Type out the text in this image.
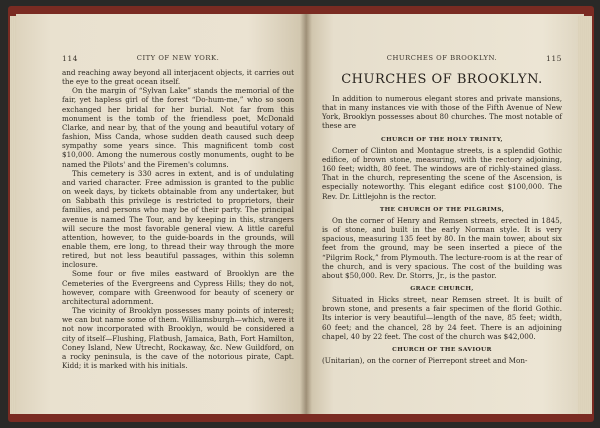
114	CITY OF NEW YORK.

and reaching away beyond all interjacent objects, it carries out the eye to the great ocean itself.

On the margin of “Sylvan Lake” stands the memorial of the fair, yet hapless girl of the forest “Do-hum-me,” who so soon exchanged her bridal for her burial. Not far from this monument is the tomb of the friendless poet, McDonald Clarke, and near by, that of the young and beautiful votary of fashion, Miss Canda, whose sudden death caused such deep sympathy some years since. This magnificent tomb cost $10,000. Among the numerous costly monuments, ought to be named the Pilots' and the Firemen's columns.

This cemetery is 330 acres in extent, and is of undulating and varied character. Free admission is granted to the public on week days, by tickets obtainable from any undertaker, but on Sabbath this privilege is restricted to proprietors, their families, and persons who may be of their party. The principal avenue is named The Tour, and by keeping in this, strangers will secure the most favorable general view. A little careful attention, however, to the guide-boards in the grounds, will enable them, ere long, to thread their way through the more retired, but not less beautiful passages, within this solemn inclosure.

Some four or five miles eastward of Brooklyn are the Cemeteries of the Evergreens and Cypress Hills; they do not, however, compare with Greenwood for beauty of scenery or architectural adornment.

The vicinity of Brooklyn possesses many points of interest; we can but name some of them. Williamsburgh—which, were it not now incorporated with Brooklyn, would be considered a city of itself—Flushing, Flatbush, Jamaica, Bath, Fort Hamilton, Coney Island, New Utrecht, Rockaway, &c. New Guildford, on a rocky peninsula, is the cave of the notorious pirate, Capt. Kidd; it is marked with his initials.

CHURCHES OF BROOKLYN.	115
CHURCHES OF BROOKLYN.

In addition to numerous elegant stores and private mansions, that in many instances vie with those of the Fifth Avenue of New York, Brooklyn possesses about 80 churches. The most notable of these are

CHURCH OF THE HOLY TRINITY,

Corner of Clinton and Montague streets, is a splendid Gothic edifice, of brown stone, measuring, with the rectory adjoining, 160 feet; width, 80 feet. The windows are of richly-stained glass. That in the church, representing the scene of the Ascension, is especially noteworthy. This elegant edifice cost $100,000. The Rev. Dr. Littlejohn is the rector.

THE CHURCH OF THE PILGRIMS,

On the corner of Henry and Remsen streets, erected in 1845, is of stone, and built in the early Norman style. It is very spacious, measuring 135 feet by 80. In the main tower, about six feet from the ground, may be seen inserted a piece of the “Pilgrim Rock,” from Plymouth. The lecture-room is at the rear of the church, and is very spacious. The cost of the building was about $50,000. Rev. Dr. Storrs, Jr., is the pastor.

GRACE CHURCH,

Situated in Hicks street, near Remsen street. It is built of brown stone, and presents a fair specimen of the florid Gothic. Its interior is very beautiful—length of the nave, 85 feet; width, 60 feet; and the chancel, 28 by 24 feet. There is an adjoining chapel, 40 by 22 feet. The cost of the church was $42,000.

CHURCH OF THE SAVIOUR

(Unitarian), on the corner of Pierrepont street and Mon-
